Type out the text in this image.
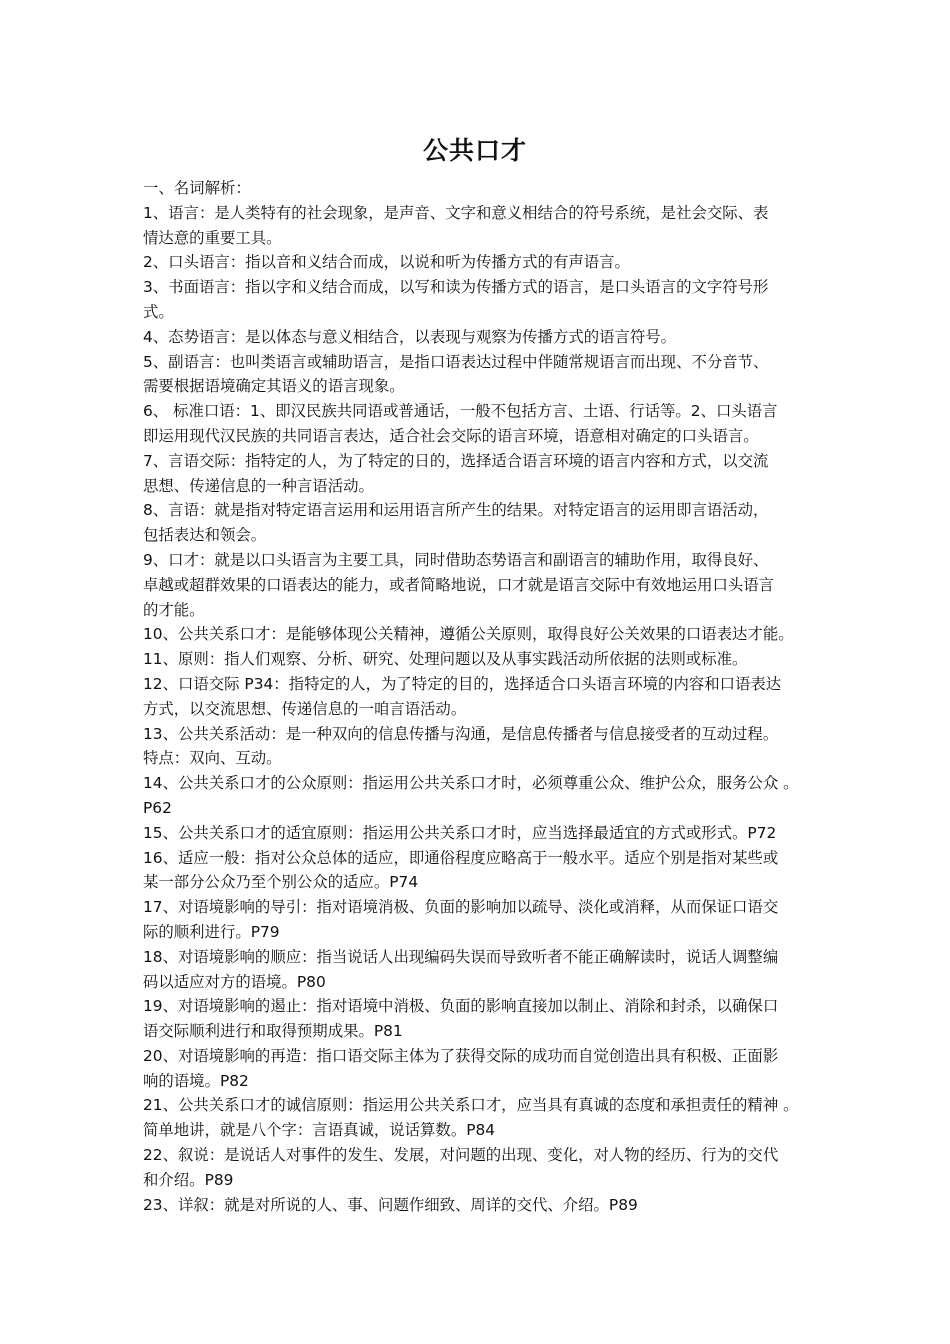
公共口才
一、名词解析：
1、语言：是人类特有的社会现象，是声音、文字和意义相结合的符号系统，是社会交际、表
情达意的重要工具。
2、口头语言：指以音和义结合而成，以说和听为传播方式的有声语言。
3、书面语言：指以字和义结合而成，以写和读为传播方式的语言，是口头语言的文字符号形
式。
4、态势语言：是以体态与意义相结合，以表现与观察为传播方式的语言符号。
5、副语言：也叫类语言或辅助语言，是指口语表达过程中伴随常规语言而出现、不分音节、
需要根据语境确定其语义的语言现象。
6、 标准口语：1、即汉民族共同语或普通话，一般不包括方言、土语、行话等。2、口头语言
即运用现代汉民族的共同语言表达，适合社会交际的语言环境，语意相对确定的口头语言。
7、言语交际：指特定的人，为了特定的日的，选择适合语言环境的语言内容和方式，以交流
思想、传递信息的一种言语活动。
8、言语：就是指对特定语言运用和运用语言所产生的结果。对特定语言的运用即言语活动，
包括表达和领会。
9、口才：就是以口头语言为主要工具，同时借助态势语言和副语言的辅助作用，取得良好、
卓越或超群效果的口语表达的能力，或者简略地说，口才就是语言交际中有效地运用口头语言
的才能。
10、公共关系口才：是能够体现公关精神，遵循公关原则，取得良好公关效果的口语表达才能。
11、原则：指人们观察、分析、研究、处理问题以及从事实践活动所依据的法则或标准。
12、口语交际 P34：指特定的人，为了特定的目的，选择适合口头语言环境的内容和口语表达
方式，以交流思想、传递信息的一咱言语活动。
13、公共关系活动：是一种双向的信息传播与沟通，是信息传播者与信息接受者的互动过程。
特点：双向、互动。
14、公共关系口才的公众原则：指运用公共关系口才时，必须尊重公众、维护公众，服务公众 。
P62
15、公共关系口才的适宜原则：指运用公共关系口才时，应当选择最适宜的方式或形式。P72
16、适应一般：指对公众总体的适应，即通俗程度应略高于一般水平。适应个别是指对某些或
某一部分公众乃至个别公众的适应。P74
17、对语境影响的导引：指对语境消极、负面的影响加以疏导、淡化或消释，从而保证口语交
际的顺利进行。P79
18、对语境影响的顺应：指当说话人出现编码失误而导致听者不能正确解读时，说话人调整编
码以适应对方的语境。P80
19、对语境影响的遏止：指对语境中消极、负面的影响直接加以制止、消除和封杀，以确保口
语交际顺利进行和取得预期成果。P81
20、对语境影响的再造：指口语交际主体为了获得交际的成功而自觉创造出具有积极、正面影
响的语境。P82
21、公共关系口才的诚信原则：指运用公共关系口才，应当具有真诚的态度和承担责任的精神 。
简单地讲，就是八个字：言语真诚，说话算数。P84
22、叙说：是说话人对事件的发生、发展，对问题的出现、变化，对人物的经历、行为的交代
和介绍。P89
23、详叙：就是对所说的人、事、问题作细致、周详的交代、介绍。P89
